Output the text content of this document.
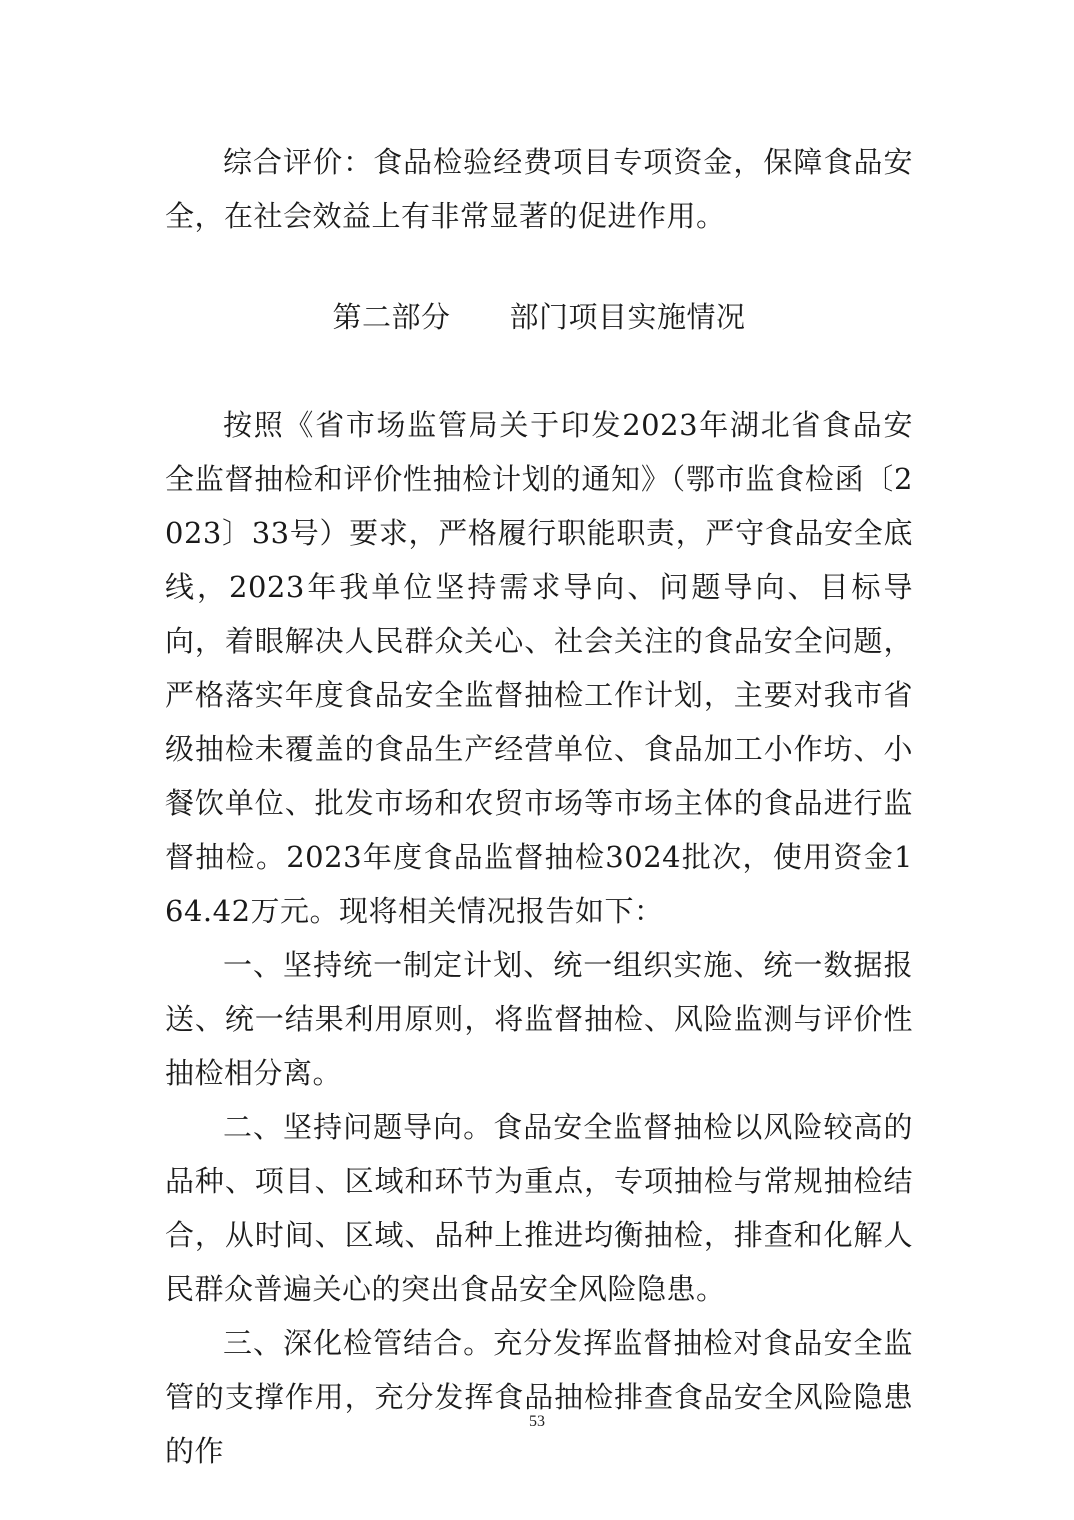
综合评价：食品检验经费项目专项资金，保障食品安全，在社会效益上有非常显著的促进作用。

第二部分　　部门项目实施情况

按照《省市场监管局关于印发2023年湖北省食品安全监督抽检和评价性抽检计划的通知》（鄂市监食检函〔2023〕33号）要求，严格履行职能职责，严守食品安全底线，2023年我单位坚持需求导向、问题导向、目标导向，着眼解决人民群众关心、社会关注的食品安全问题，严格落实年度食品安全监督抽检工作计划，主要对我市省级抽检未覆盖的食品生产经营单位、食品加工小作坊、小餐饮单位、批发市场和农贸市场等市场主体的食品进行监督抽检。2023年度食品监督抽检3024批次，使用资金164.42万元。现将相关情况报告如下：

一、坚持统一制定计划、统一组织实施、统一数据报送、统一结果利用原则，将监督抽检、风险监测与评价性抽检相分离。

二、坚持问题导向。食品安全监督抽检以风险较高的品种、项目、区域和环节为重点，专项抽检与常规抽检结合，从时间、区域、品种上推进均衡抽检，排查和化解人民群众普遍关心的突出食品安全风险隐患。

三、深化检管结合。充分发挥监督抽检对食品安全监管的支撑作用，充分发挥食品抽检排查食品安全风险隐患的作

53
